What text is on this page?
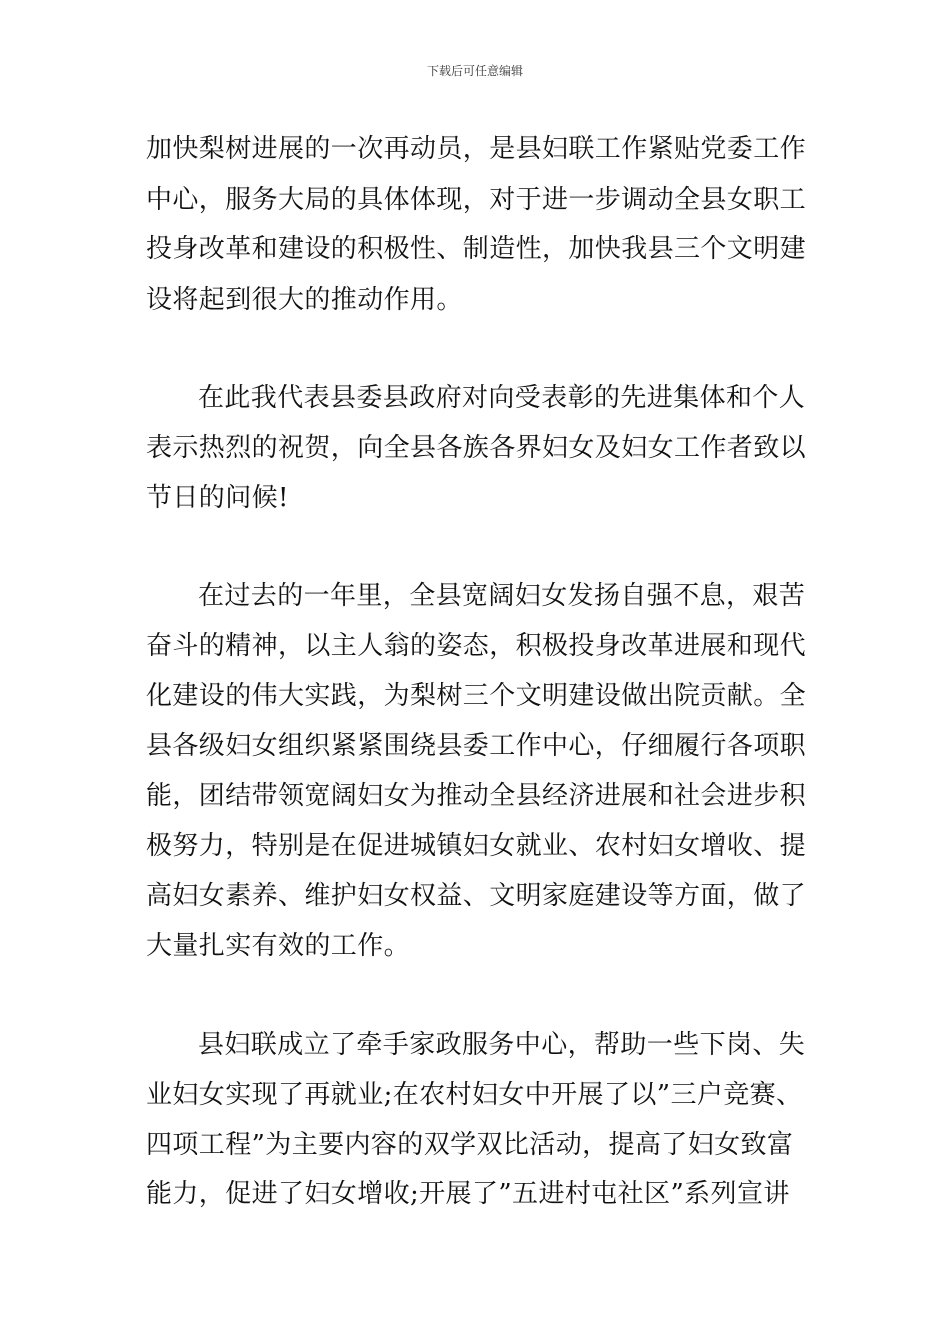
下载后可任意编辑
加快梨树进展的一次再动员，是县妇联工作紧贴党委工作
中心，服务大局的具体体现，对于进一步调动全县女职工
投身改革和建设的积极性、制造性，加快我县三个文明建
设将起到很大的推动作用。
在此我代表县委县政府对向受表彰的先进集体和个人
表示热烈的祝贺，向全县各族各界妇女及妇女工作者致以
节日的问候!
在过去的一年里，全县宽阔妇女发扬自强不息，艰苦
奋斗的精神，以主人翁的姿态，积极投身改革进展和现代
化建设的伟大实践，为梨树三个文明建设做出院贡献。全
县各级妇女组织紧紧围绕县委工作中心，仔细履行各项职
能，团结带领宽阔妇女为推动全县经济进展和社会进步积
极努力，特别是在促进城镇妇女就业、农村妇女增收、提
高妇女素养、维护妇女权益、文明家庭建设等方面，做了
大量扎实有效的工作。
县妇联成立了牵手家政服务中心，帮助一些下岗、失
业妇女实现了再就业;在农村妇女中开展了以”三户竞赛、
四项工程”为主要内容的双学双比活动，提高了妇女致富
能力，促进了妇女增收;开展了”五进村屯社区”系列宣讲
